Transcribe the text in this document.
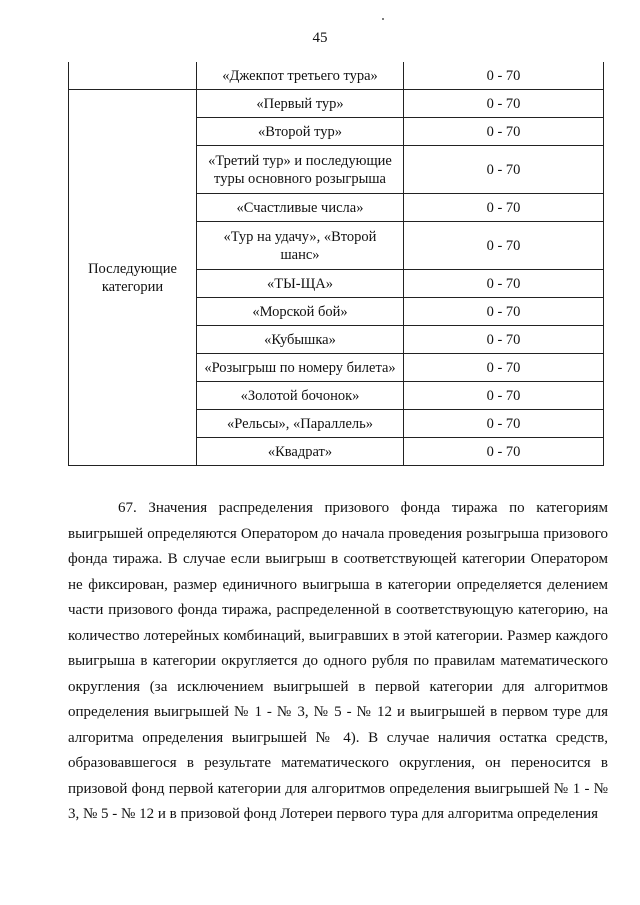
45
	«Джекпот третьего тура»	0 - 70
Последующие категории	«Первый тур»	0 - 70
	«Второй тур»	0 - 70
	«Третий тур» и последующие туры основного розыгрыша	0 - 70
	«Счастливые числа»	0 - 70
	«Тур на удачу», «Второй шанс»	0 - 70
	«ТЫ-ЩА»	0 - 70
	«Морской бой»	0 - 70
	«Кубышка»	0 - 70
	«Розыгрыш по номеру билета»	0 - 70
	«Золотой бочонок»	0 - 70
	«Рельсы», «Параллель»	0 - 70
	«Квадрат»	0 - 70

67. Значения распределения призового фонда тиража по категориям выигрышей определяются Оператором до начала проведения розыгрыша призового фонда тиража. В случае если выигрыш в соответствующей категории Оператором не фиксирован, размер единичного выигрыша в категории определяется делением части призового фонда тиража, распределенной в соответствующую категорию, на количество лотерейных комбинаций, выигравших в этой категории. Размер каждого выигрыша в категории округляется до одного рубля по правилам математического округления (за исключением выигрышей в первой категории для алгоритмов определения выигрышей № 1 - № 3, № 5 - № 12 и выигрышей в первом туре для алгоритма определения выигрышей № 4). В случае наличия остатка средств, образовавшегося в результате математического округления, он переносится в призовой фонд первой категории для алгоритмов определения выигрышей № 1 - № 3, № 5 - № 12 и в призовой фонд Лотереи первого тура для алгоритма определения
